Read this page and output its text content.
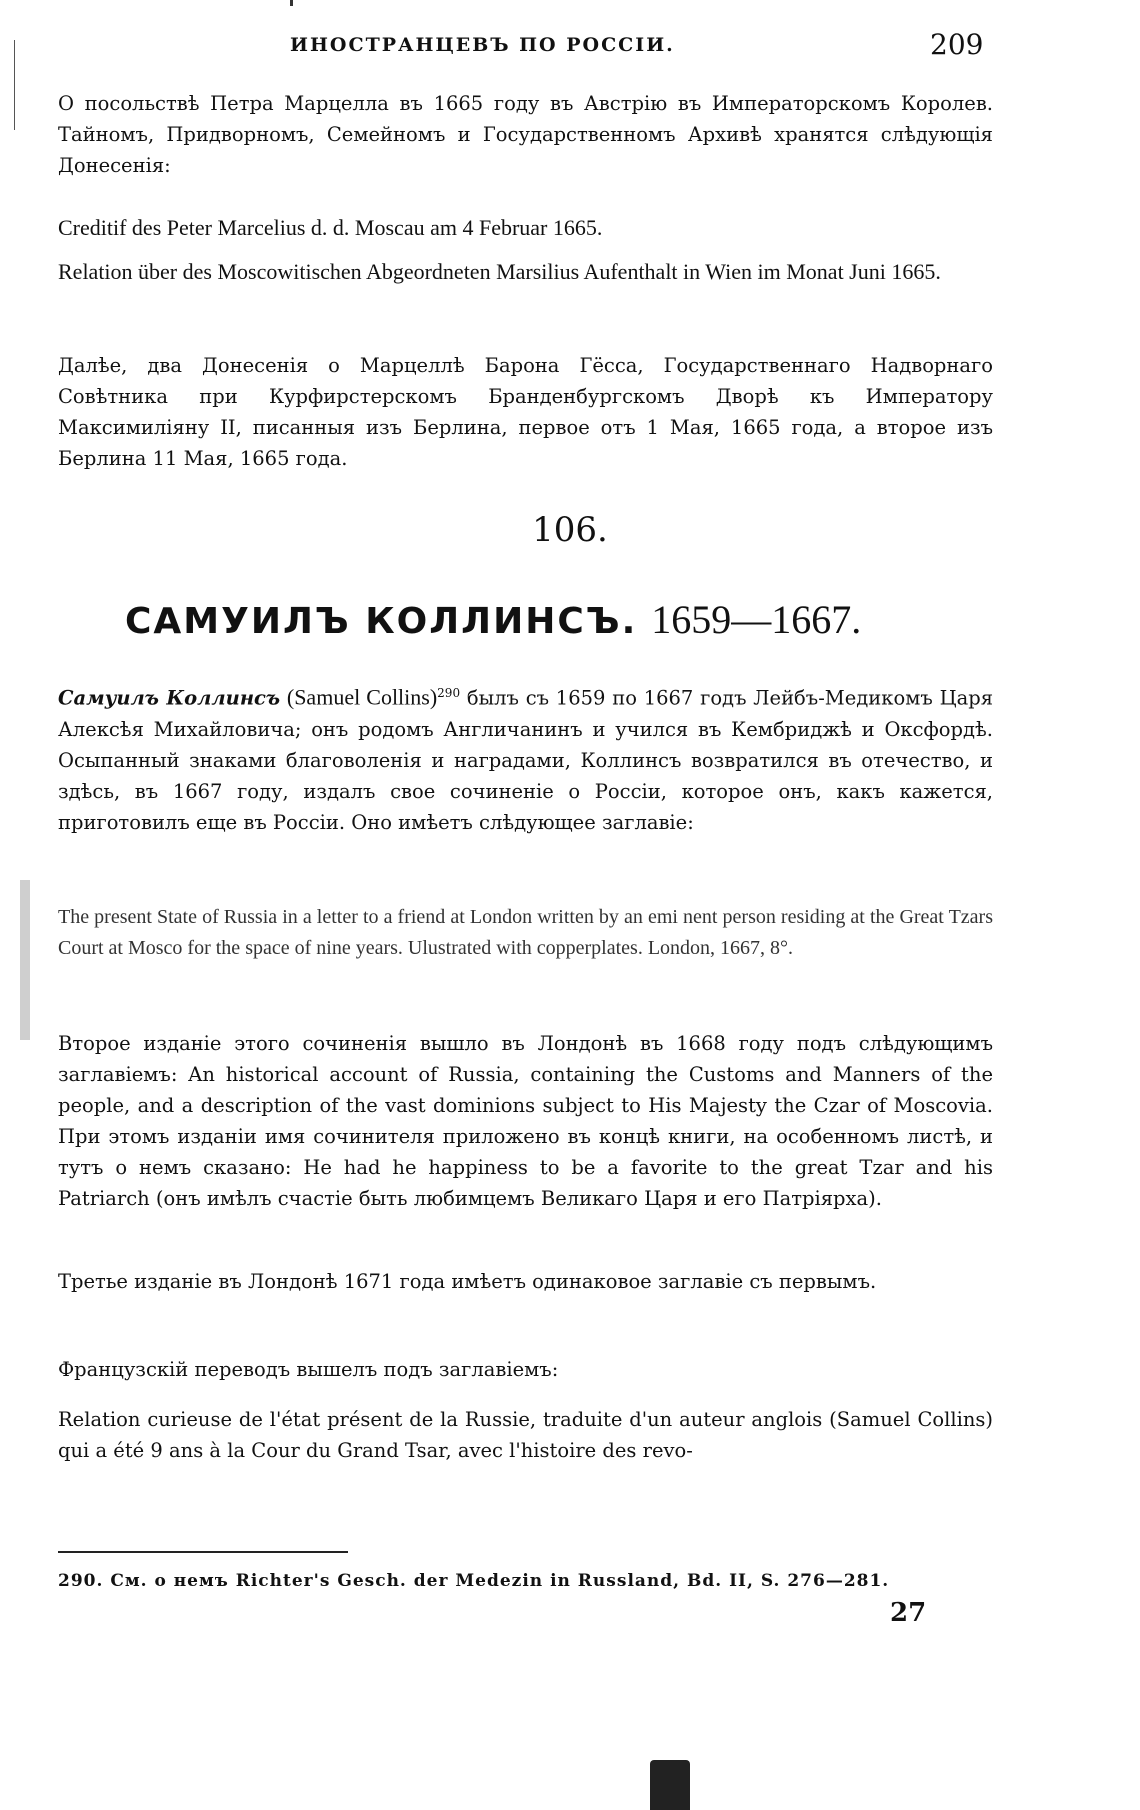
ИНОСТРАНЦЕВЪ ПО РОССІИ.	209

О посольствѣ Петра Марцелла въ 1665 году въ Австрію въ Императорскомъ Королев. Тайномъ, Придворномъ, Семейномъ и Государственномъ Архивѣ хранятся слѣдующія Донесенія:

Creditif des Peter Marcelius d. d. Moscau am 4 Februar 1665.
Relation über des Moscowitischen Abgeordneten Marsilius Aufenthalt in Wien im Monat Juni 1665.

Далѣе, два Донесенія о Марцеллѣ Барона Гёсса, Государственнаго Надворнаго Совѣтника при Курфирстерскомъ Бранденбургскомъ Дворѣ къ Императору Максимиліяну II, писанныя изъ Берлина, первое отъ 1 Мая, 1665 года, а второе изъ Берлина 11 Мая, 1665 года.

106.
САМУИЛЪ КОЛЛИНСЪ. 1659—1667.

Самуилъ Коллинсъ (Samuel Collins)$^{290}$ былъ съ 1659 по 1667 годъ Лейбъ-Медикомъ Царя Алексѣя Михайловича; онъ родомъ Англичанинъ и учился въ Кембриджѣ и Оксфордѣ. Осыпанный знаками благоволенія и наградами, Коллинсъ возвратился въ отечество, и здѣсь, въ 1667 году, издалъ свое сочиненіе о Россіи, которое онъ, какъ кажется, приготовилъ еще въ Россіи. Оно имѣетъ слѣдующее заглавіе:

The present State of Russia in a letter to a friend at London written by an emi nent person residing at the Great Tzars Court at Mosco for the space of nine years. Ulustrated with copperplates. London, 1667, 8°.

Второе изданіе этого сочиненія вышло въ Лондонѣ въ 1668 году подъ слѣдующимъ заглавіемъ: An historical account of Russia, containing the Customs and Manners of the people, and a description of the vast dominions subject to His Majesty the Czar of Moscovia. При этомъ изданіи имя сочинителя приложено въ концѣ книги, на особенномъ листѣ, и тутъ о немъ сказано: He had he happiness to be a favorite to the great Tzar and his Patriarch (онъ имѣлъ счастіе быть любимцемъ Великаго Царя и его Патріярха).

Третье изданіе въ Лондонѣ 1671 года имѣетъ одинаковое заглавіе съ первымъ.

Французскій переводъ вышелъ подъ заглавіемъ:

Relation curieuse de l'état présent de la Russie, traduite d'un auteur anglois (Samuel Collins) qui a été 9 ans à la Cour du Grand Tsar, avec l'histoire des revo-

290. См. о немъ Richter's Gesch. der Medezin in Russland, Bd. II, S. 276—281.
27
